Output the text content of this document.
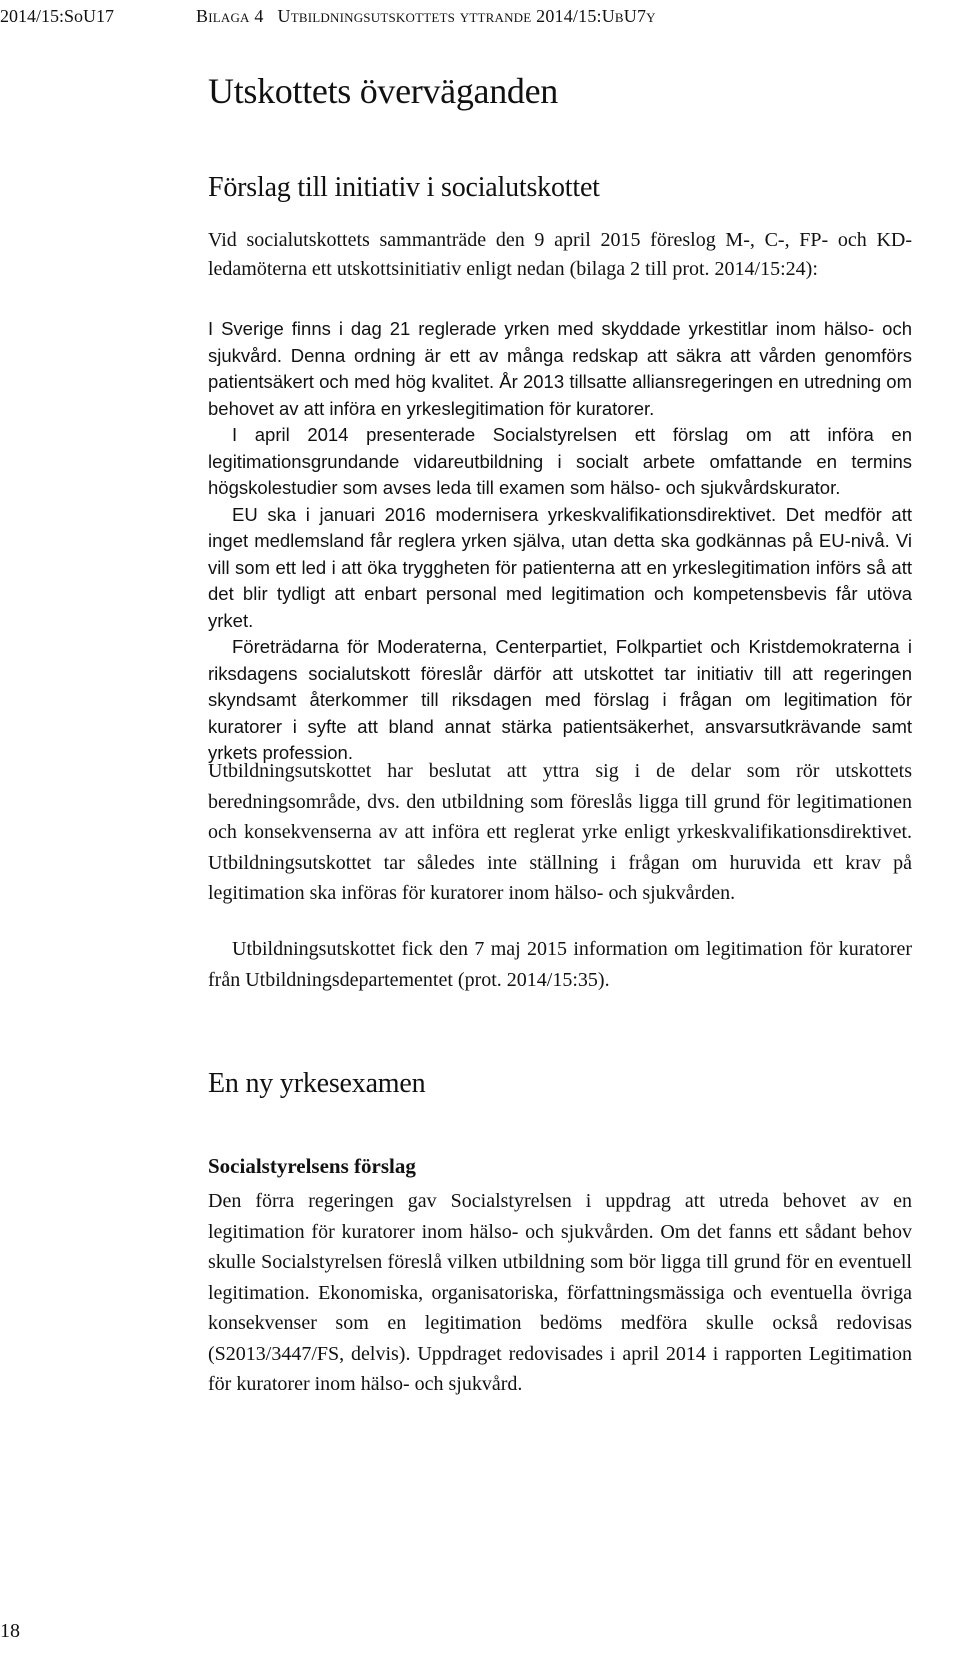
2014/15:SoU17	Bilaga 4 Utbildningsutskottets yttrande 2014/15:UbU7y
Utskottets överväganden
Förslag till initiativ i socialutskottet

Vid socialutskottets sammanträde den 9 april 2015 föreslog M-, C-, FP- och KD-ledamöterna ett utskottsinitiativ enligt nedan (bilaga 2 till prot. 2014/15:24):

I Sverige finns i dag 21 reglerade yrken med skyddade yrkestitlar inom hälso- och sjukvård. Denna ordning är ett av många redskap att säkra att vården genomförs patientsäkert och med hög kvalitet. År 2013 tillsatte alliansregeringen en utredning om behovet av att införa en yrkeslegitimation för kuratorer.

I april 2014 presenterade Socialstyrelsen ett förslag om att införa en legitimationsgrundande vidareutbildning i socialt arbete omfattande en termins högskolestudier som avses leda till examen som hälso- och sjukvårdskurator.

EU ska i januari 2016 modernisera yrkeskvalifikationsdirektivet. Det medför att inget medlemsland får reglera yrken själva, utan detta ska godkännas på EU-nivå. Vi vill som ett led i att öka tryggheten för patienterna att en yrkeslegitimation införs så att det blir tydligt att enbart personal med legitimation och kompetensbevis får utöva yrket.

Företrädarna för Moderaterna, Centerpartiet, Folkpartiet och Kristdemokraterna i riksdagens socialutskott föreslår därför att utskottet tar initiativ till att regeringen skyndsamt återkommer till riksdagen med förslag i frågan om legitimation för kuratorer i syfte att bland annat stärka patientsäkerhet, ansvarsutkrävande samt yrkets profession.

Utbildningsutskottet har beslutat att yttra sig i de delar som rör utskottets beredningsområde, dvs. den utbildning som föreslås ligga till grund för legitimationen och konsekvenserna av att införa ett reglerat yrke enligt yrkeskvalifikationsdirektivet. Utbildningsutskottet tar således inte ställning i frågan om huruvida ett krav på legitimation ska införas för kuratorer inom hälso- och sjukvården.

Utbildningsutskottet fick den 7 maj 2015 information om legitimation för kuratorer från Utbildningsdepartementet (prot. 2014/15:35).

En ny yrkesexamen
Socialstyrelsens förslag

Den förra regeringen gav Socialstyrelsen i uppdrag att utreda behovet av en legitimation för kuratorer inom hälso- och sjukvården. Om det fanns ett sådant behov skulle Socialstyrelsen föreslå vilken utbildning som bör ligga till grund för en eventuell legitimation. Ekonomiska, organisatoriska, författningsmässiga och eventuella övriga konsekvenser som en legitimation bedöms medföra skulle också redovisas (S2013/3447/FS, delvis). Uppdraget redovisades i april 2014 i rapporten Legitimation för kuratorer inom hälso- och sjukvård.

18
